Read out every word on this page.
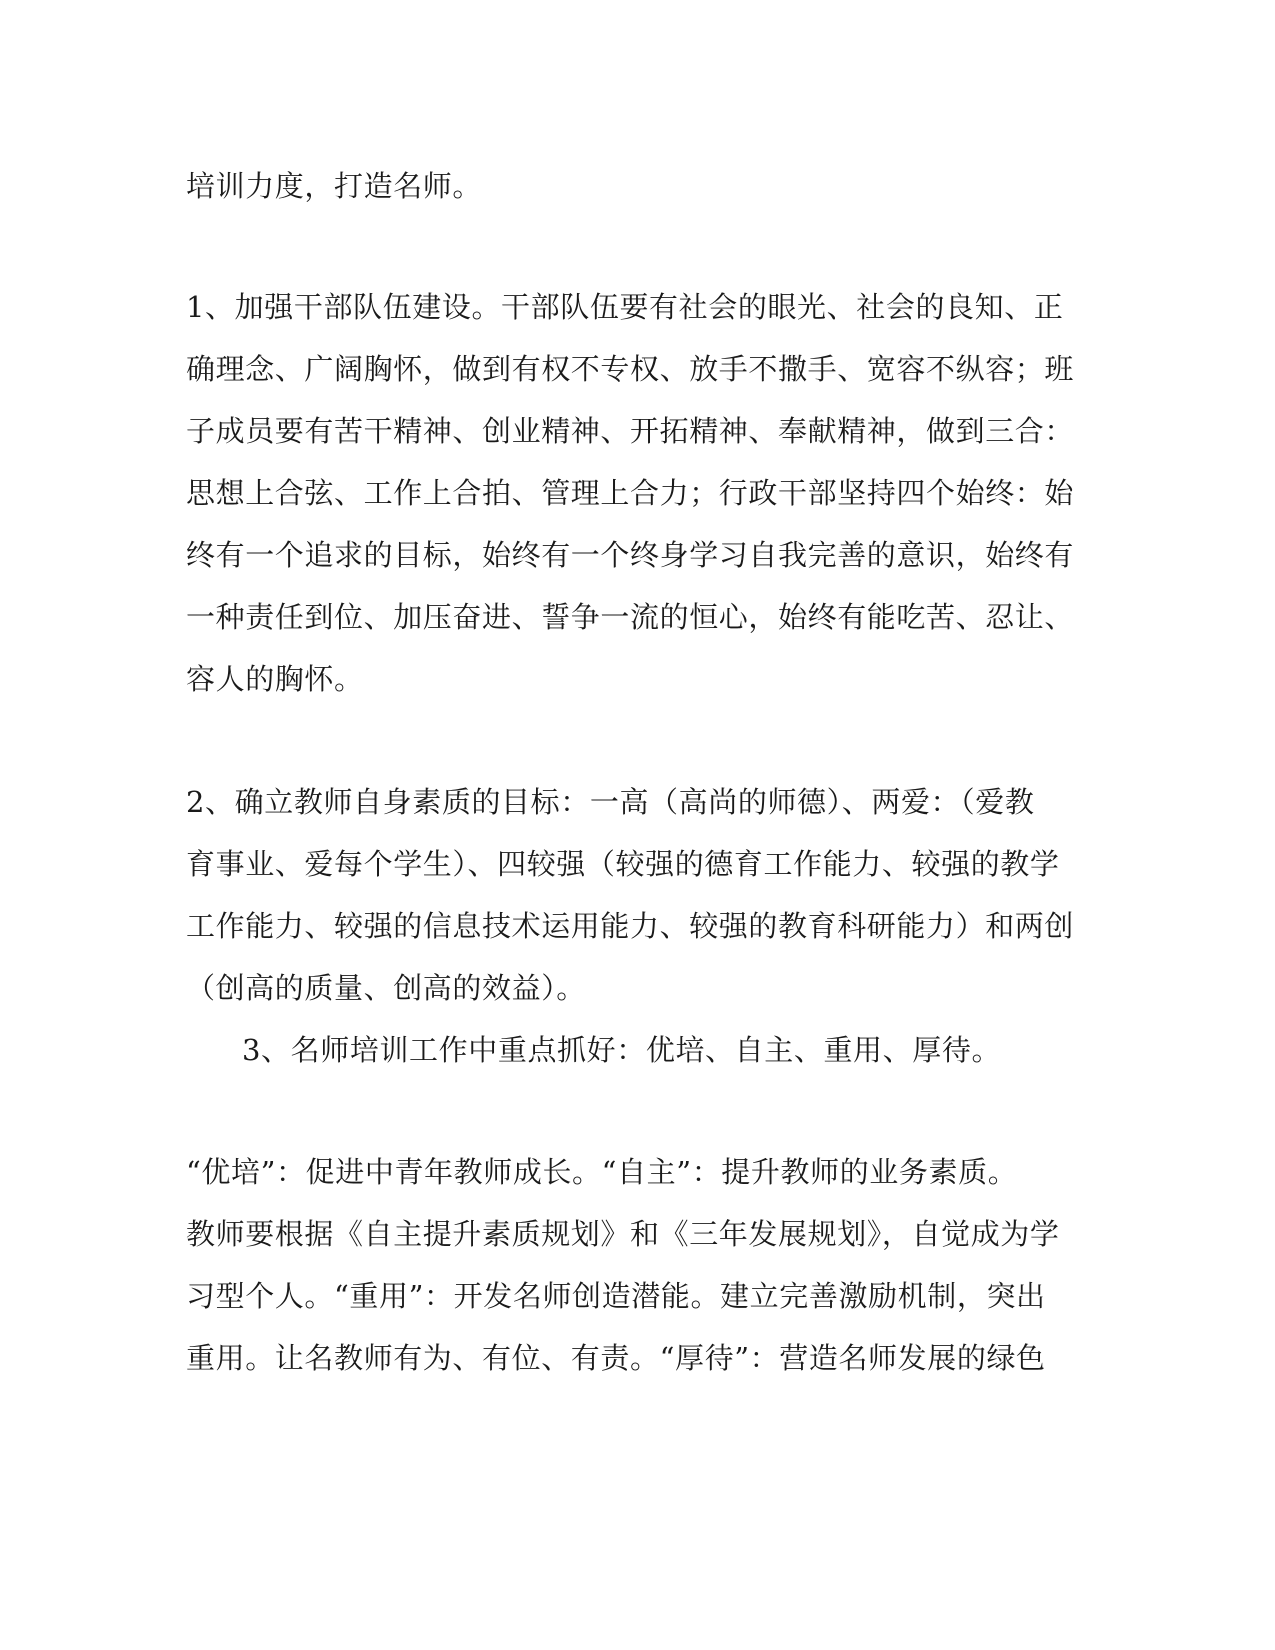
培训力度，打造名师。
1、加强干部队伍建设。干部队伍要有社会的眼光、社会的良知、正
确理念、广阔胸怀，做到有权不专权、放手不撒手、宽容不纵容；班
子成员要有苦干精神、创业精神、开拓精神、奉献精神，做到三合：
思想上合弦、工作上合拍、管理上合力；行政干部坚持四个始终：始
终有一个追求的目标，始终有一个终身学习自我完善的意识，始终有
一种责任到位、加压奋进、誓争一流的恒心，始终有能吃苦、忍让、
容人的胸怀。
2、确立教师自身素质的目标：一高（高尚的师德）、两爱：（爱教
育事业、爱每个学生）、四较强（较强的德育工作能力、较强的教学
工作能力、较强的信息技术运用能力、较强的教育科研能力）和两创
（创高的质量、创高的效益）。
3、名师培训工作中重点抓好：优培、自主、重用、厚待。
“优培”：促进中青年教师成长。“自主”：提升教师的业务素质。
教师要根据《自主提升素质规划》和《三年发展规划》，自觉成为学
习型个人。“重用”：开发名师创造潜能。建立完善激励机制，突出
重用。让名教师有为、有位、有责。“厚待”：营造名师发展的绿色
